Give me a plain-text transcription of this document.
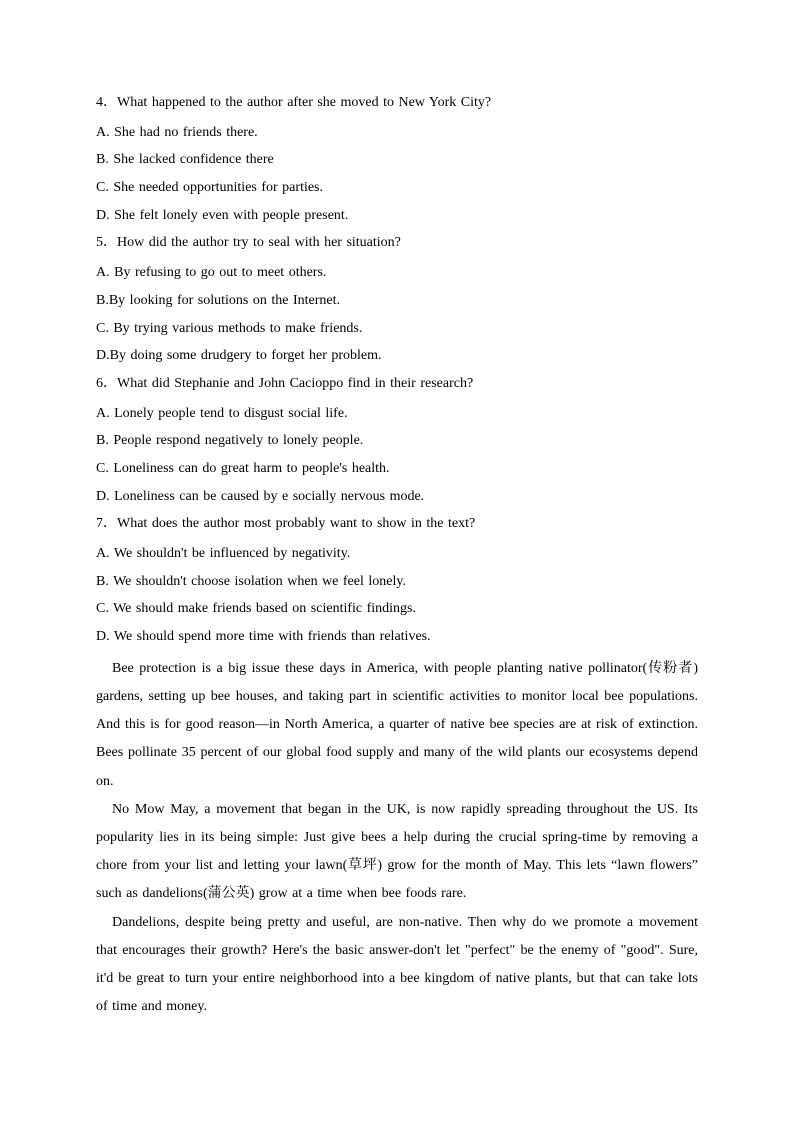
4．What happened to the author after she moved to New York City?

A. She had no friends there.

B. She lacked confidence there

C. She needed opportunities for parties.

D. She felt lonely even with people present.

5．How did the author try to seal with her situation?

A. By refusing to go out to meet others.

B.By looking for solutions on the Internet.

C. By trying various methods to make friends.

D.By doing some drudgery to forget her problem.

6．What did Stephanie and John Cacioppo find in their research?

A. Lonely people tend to disgust social life.

B. People respond negatively to lonely people.

C. Loneliness can do great harm to people's health.

D. Loneliness can be caused by e socially nervous mode.

7．What does the author most probably want to show in the text?

A. We shouldn't be influenced by negativity.

B. We shouldn't choose isolation when we feel lonely.

C. We should make friends based on scientific findings.

D. We should spend more time with friends than relatives.

Bee protection is a big issue these days in America, with people planting native pollinator(传粉者) gardens, setting up bee houses, and taking part in scientific activities to monitor local bee populations. And this is for good reason—in North America, a quarter of native bee species are at risk of extinction. Bees pollinate 35 percent of our global food supply and many of the wild plants our ecosystems depend on.

No Mow May, a movement that began in the UK, is now rapidly spreading throughout the US. Its popularity lies in its being simple: Just give bees a help during the crucial spring-time by removing a chore from your list and letting your lawn(草坪) grow for the month of May. This lets “lawn flowers” such as dandelions(蒲公英) grow at a time when bee foods rare.

Dandelions, despite being pretty and useful, are non-native. Then why do we promote a movement that encourages their growth? Here's the basic answer-don't let "perfect" be the enemy of "good". Sure, it'd be great to turn your entire neighborhood into a bee kingdom of native plants, but that can take lots of time and money.
